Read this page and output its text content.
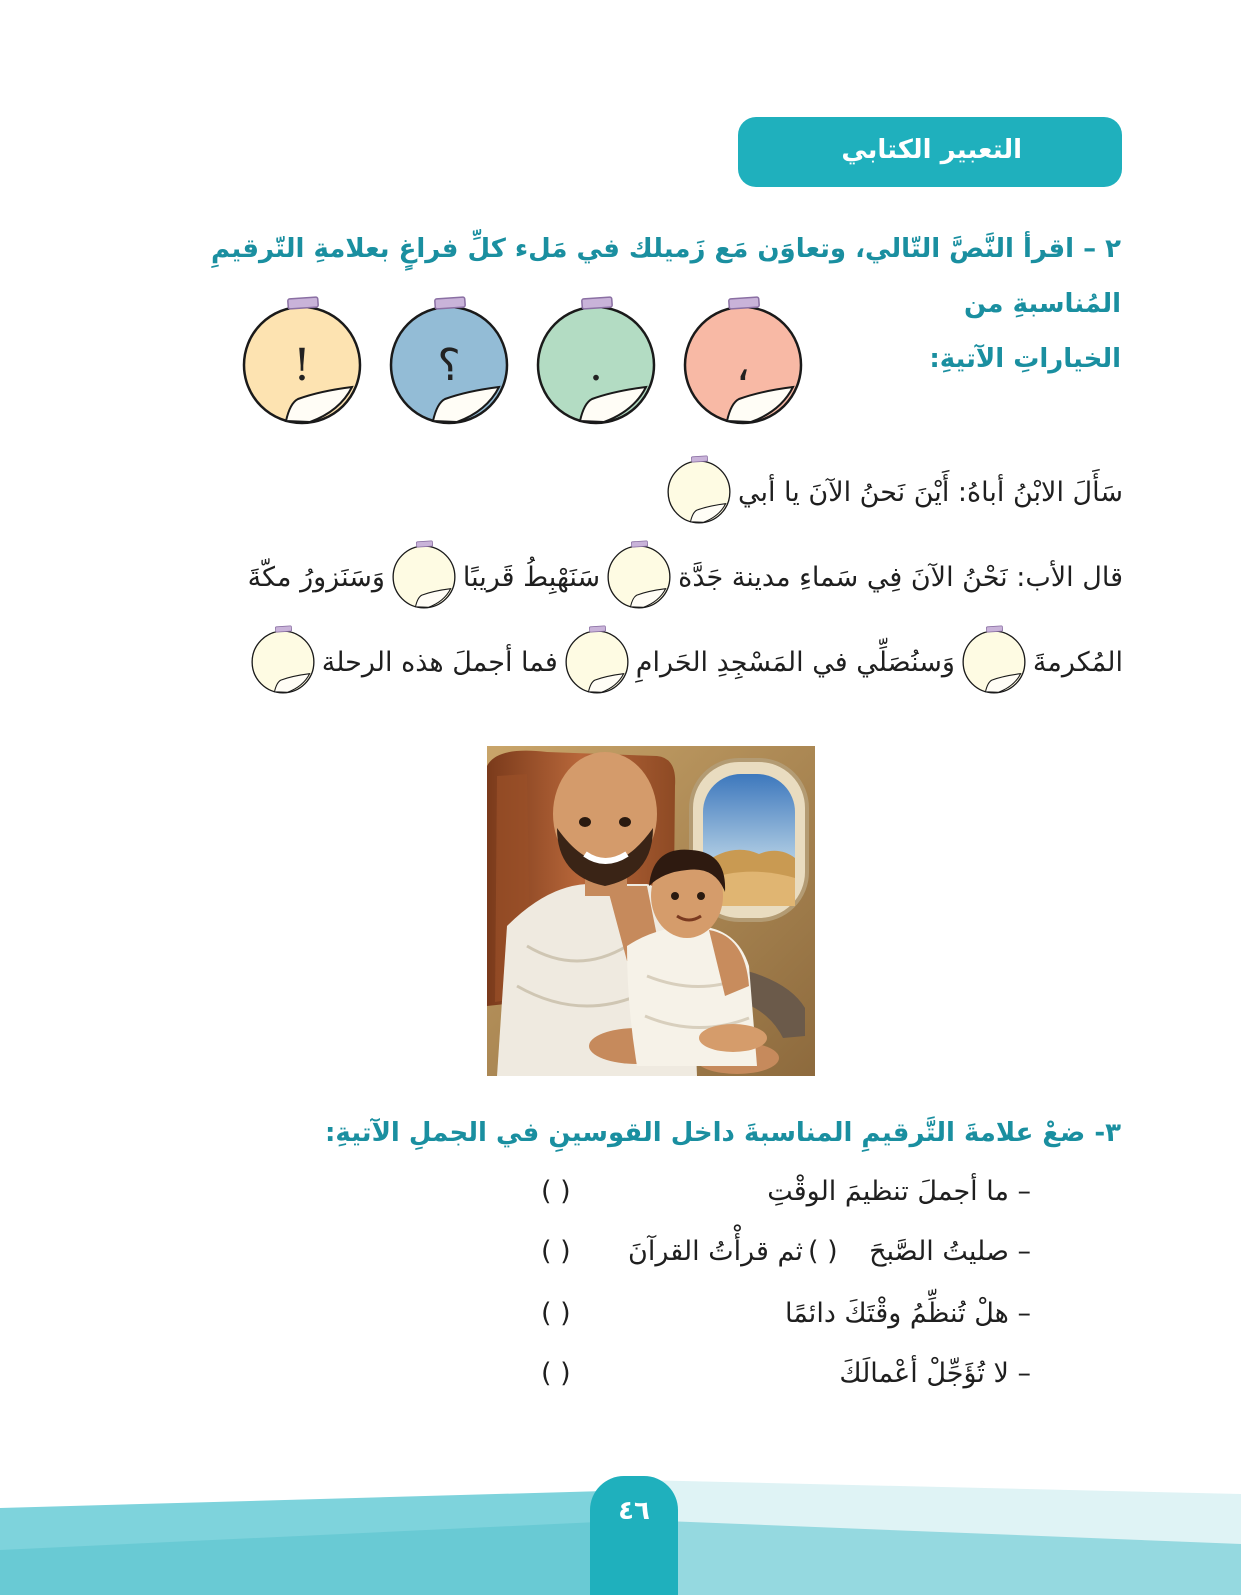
التعبير الكتابي
٢ – اقرأ النَّصَّ التّالي، وتعاوَن مَع زَميلك في مَلء كلِّ فراغٍ بعلامةِ التّرقيمِ المُناسبةِ من
الخياراتِ الآتيةِ:
،
.
؟
!
سَأَلَ الابْنُ أباهُ: أَيْنَ نَحنُ الآنَ يا أبي
قال الأب: نَحْنُ الآنَ فِي سَماءِ مدينة جَدَّة
سَنَهْبِطُ قَريبًا
وَسَنَزورُ مكّةَ
المُكرمةَ
وَسنُصَلِّي في المَسْجِدِ الحَرامِ
فما أجملَ هذه الرحلة
٣- ضعْ علامةَ التَّرقيمِ المناسبةَ داخل القوسينِ في الجملِ الآتيةِ:
– ما أجملَ تنظيمَ الوقْتِ
( )
– صليتُ الصَّبحَ
( )
ثم قرأْتُ القرآنَ
( )
– هلْ تُنظِّمُ وقْتَكَ دائمًا
( )
– لا تُؤَجِّلْ أعْمالَكَ
( )
٤٦
